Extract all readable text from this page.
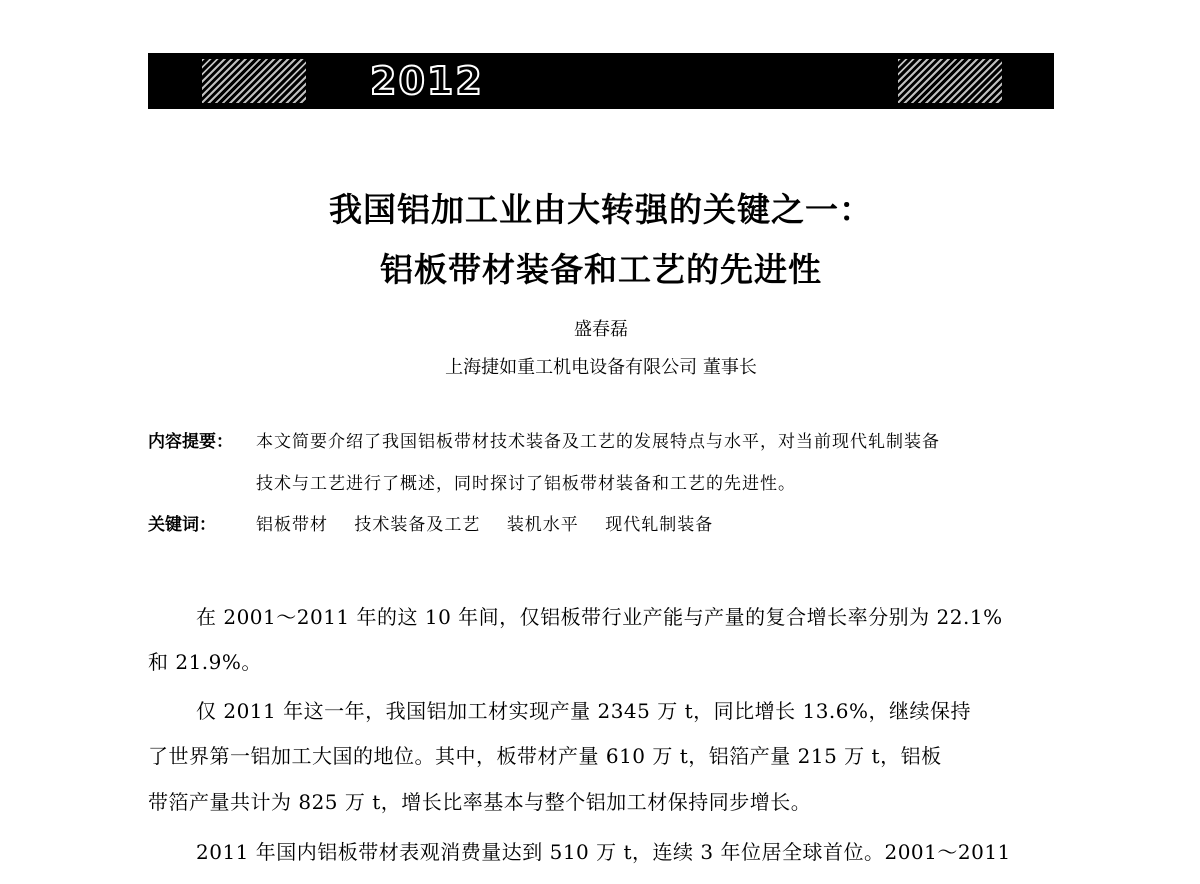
2012
我国铝加工业由大转强的关键之一：
铝板带材装备和工艺的先进性
盛春磊
上海捷如重工机电设备有限公司 董事长
内容提要： 本文简要介绍了我国铝板带材技术装备及工艺的发展特点与水平，对当前现代轧制装备
技术与工艺进行了概述，同时探讨了铝板带材装备和工艺的先进性。
关键词： 铝板带材 技术装备及工艺 装机水平 现代轧制装备
在 2001～2011 年的这 10 年间，仅铝板带行业产能与产量的复合增长率分别为 22.1%
和 21.9%。
仅 2011 年这一年，我国铝加工材实现产量 2345 万 t，同比增长 13.6%，继续保持
了世界第一铝加工大国的地位。其中，板带材产量 610 万 t，铝箔产量 215 万 t，铝板
带箔产量共计为 825 万 t，增长比率基本与整个铝加工材保持同步增长。
2011 年国内铝板带材表观消费量达到 510 万 t，连续 3 年位居全球首位。2001～2011
